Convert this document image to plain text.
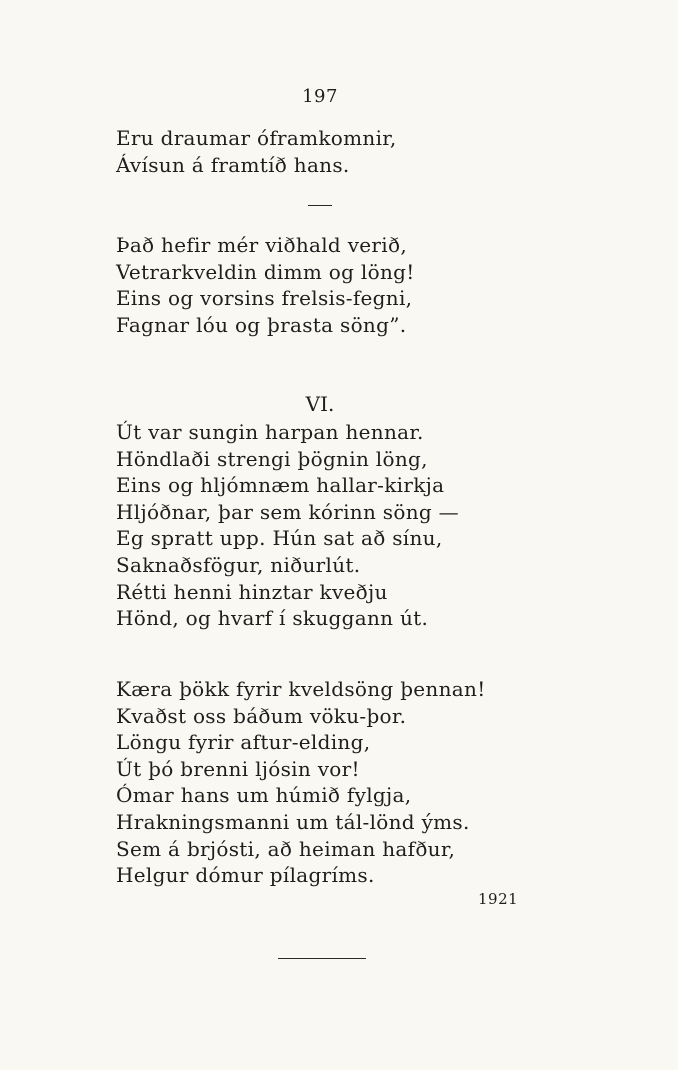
197
Eru draumar óframkomnir,
Ávísun á framtíð hans.
Það hefir mér viðhald verið,
Vetrarkveldin dimm og löng!
Eins og vorsins frelsis-fegni,
Fagnar lóu og þrasta söng”.
VI.
Út var sungin harpan hennar.
Höndlaði strengi þögnin löng,
Eins og hljómnæm hallar-kirkja
Hljóðnar, þar sem kórinn söng —
Eg spratt upp. Hún sat að sínu,
Saknaðsfögur, niðurlút.
Rétti henni hinztar kveðju
Hönd, og hvarf í skuggann út.
Kæra þökk fyrir kveldsöng þennan!
Kvaðst oss báðum vöku-þor.
Löngu fyrir aftur-elding,
Út þó brenni ljósin vor!
Ómar hans um húmið fylgja,
Hrakningsmanni um tál-lönd ýms.
Sem á brjósti, að heiman hafður,
Helgur dómur pílagríms.
1921
